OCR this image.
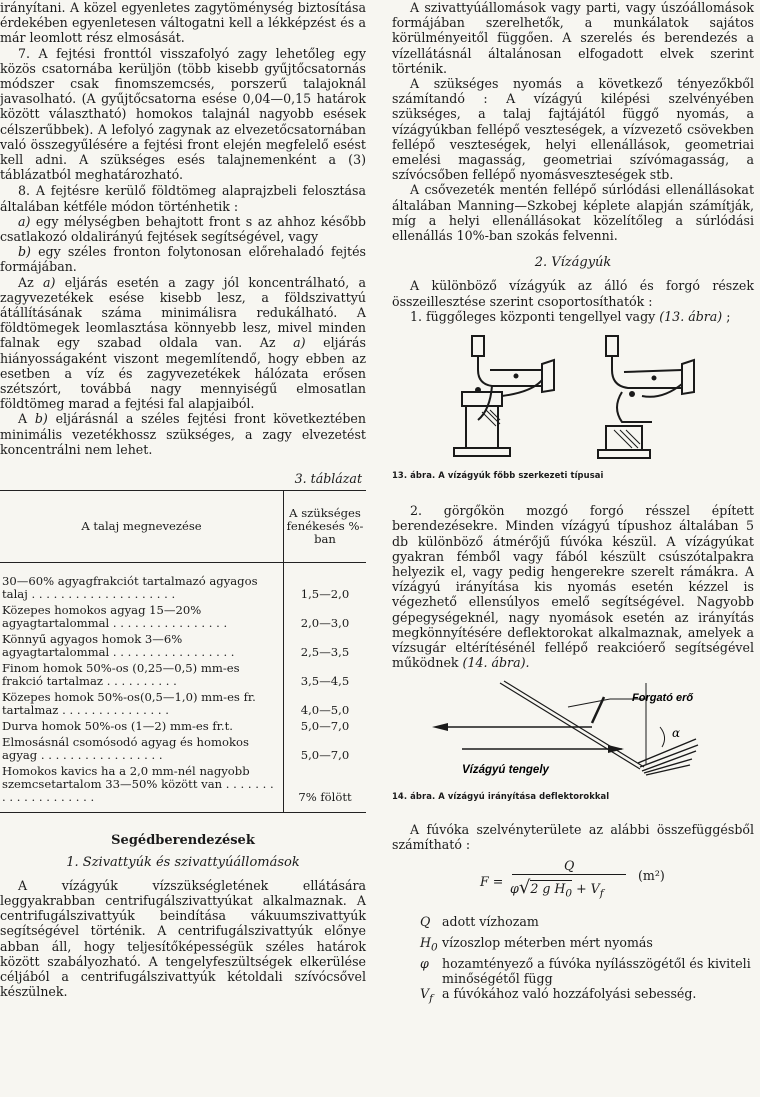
irányítani. A közel egyenletes zagytöménység biztosítása érdekében egyenletesen váltogatni kell a lékképzést és a már leomlott rész elmosását.

7. A fejtési fronttól visszafolyó zagy lehetőleg egy közös csatornába kerüljön (több kisebb gyűjtőcsatornás módszer csak finomszemcsés, porszerű talajoknál javasolható. (A gyűjtőcsatorna esése 0,04—0,15 határok között választható) homokos talajnál nagyobb esések célszerűbbek). A lefolyó zagynak az elvezetőcsatornában való összegyűlésére a fejtési front elején megfelelő esést kell adni. A szükséges esés talajnemenként a (3) táblázatból meghatározható.

8. A fejtésre kerülő földtömeg alaprajzbeli felosztása általában kétféle módon történhetik :

a) egy mélységben behajtott front s az ahhoz később csatlakozó oldalirányú fejtések segítségével, vagy

b) egy széles fronton folytonosan előrehaladó fejtés formájában.

Az a) eljárás esetén a zagy jól koncentrálható, a zagyvezetékek esése kisebb lesz, a földszivattyú átállításának száma minimálisra redukálható. A földtömegek leomlasztása könnyebb lesz, mivel minden falnak egy szabad oldala van. Az a) eljárás hiányosságaként viszont megemlítendő, hogy ebben az esetben a víz és zagyvezetékek hálózata erősen szétszórt, továbbá nagy mennyiségű elmosatlan földtömeg marad a fejtési fal alapjaiból.

A b) eljárásnál a széles fejtési front következtében minimális vezetékhossz szükséges, a zagy elvezetést koncentrálni nem lehet.

3. táblázat
A talaj megnevezése	A szükséges fenékesés %-ban
30—60% agyagfrakciót tartalmazó agyagos talaj . . . . . . . . . . . . . . . . . . . .	1,5—2,0
Közepes homokos agyag 15—20% agyagtartalommal . . . . . . . . . . . . . . . .	2,0—3,0
Könnyű agyagos homok 3—6% agyagtartalommal . . . . . . . . . . . . . . . . .	2,5—3,5
Finom homok 50%-os (0,25—0,5) mm-es frakció tartalmaz . . . . . . . . . .	3,5—4,5
Közepes homok 50%-os(0,5—1,0) mm-es fr. tartalmaz . . . . . . . . . . . . . . .	4,0—5,0
Durva homok 50%-os (1—2) mm-es fr.t.	5,0—7,0
Elmosásnál csomósodó agyag és homokos agyag . . . . . . . . . . . . . . . . .	5,0—7,0
Homokos kavics ha a 2,0 mm-nél nagyobb szemcsetartalom 33—50% között van . . . . . . . . . . . . . . . . . . . .	7% fölött
Segédberendezések
1. Szivattyúk és szivattyúállomások

A vízágyúk vízszükségletének ellátására leggyakrabban centrifugálszivattyúkat alkalmaznak. A centrifugálszivattyúk beindítása vákuumszivattyúk segítségével történik. A centrifugálszivattyúk előnye abban áll, hogy teljesítőképességük széles határok között szabályozható. A tengelyfeszültségek elkerülése céljából a centrifugálszivattyúk kétoldali szívócsővel készülnek.

A szivattyúállomások vagy parti, vagy úszóállomások formájában szerelhetők, a munkálatok sajátos körülményeitől függően. A szerelés és berendezés a vízellátásnál általánosan elfogadott elvek szerint történik.

A szükséges nyomás a következő tényezőkből számítandó : A vízágyú kilépési szelvényében szükséges, a talaj fajtájától függő nyomás, a vízágyúkban fellépő veszteségek, a vízvezető csövekben fellépő veszteségek, helyi ellenállások, geometriai emelési magasság, geometriai szívómagasság, a szívócsőben fellépő nyomásveszteségek stb.

A csővezeték mentén fellépő súrlódási ellenállásokat általában Manning—Szkobej képlete alapján számítják, míg a helyi ellenállásokat közelítőleg a súrlódási ellenállás 10%-ban szokás felvenni.

2. Vízágyúk

A különböző vízágyúk az álló és forgó részek összeillesztése szerint csoportosíthatók :

1. függőleges központi tengellyel vagy (13. ábra) ;

13. ábra. A vízágyúk főbb szerkezeti típusai

2. görgőkön mozgó forgó résszel épített berendezésekre. Minden vízágyú típushoz általában 5 db különböző átmérőjű fúvóka készül. A vízágyúkat gyakran fémből vagy fából készült csúszótalpakra helyezik el, vagy pedig hengerekre szerelt rámákra. A vízágyú irányítása kis nyomás esetén kézzel is végezhető ellensúlyos emelő segítségével. Nagyobb gépegységeknél, nagy nyomások esetén az irányítás megkönnyítésére deflektorokat alkalmaznak, amelyek a vízsugár eltérítésénél fellépő reakcióerő segítségével működnek (14. ábra).

Forgató erő
Vízágyú tengely
α
14. ábra. A vízágyú irányítása deflektorokkal

A fúvóka szelvényterülete az alábbi összefüggésből számítható :

F =
Q
φ√2 g $H_0 + V_f$
(m²)
Q adott vízhozam
$H_0$ vízoszlop méterben mért nyomás
φ	hozamtényező a fúvóka nyílásszögétől és kiviteli minőségétől függ
$V_f$ a fúvókához való hozzáfolyási sebesség.
